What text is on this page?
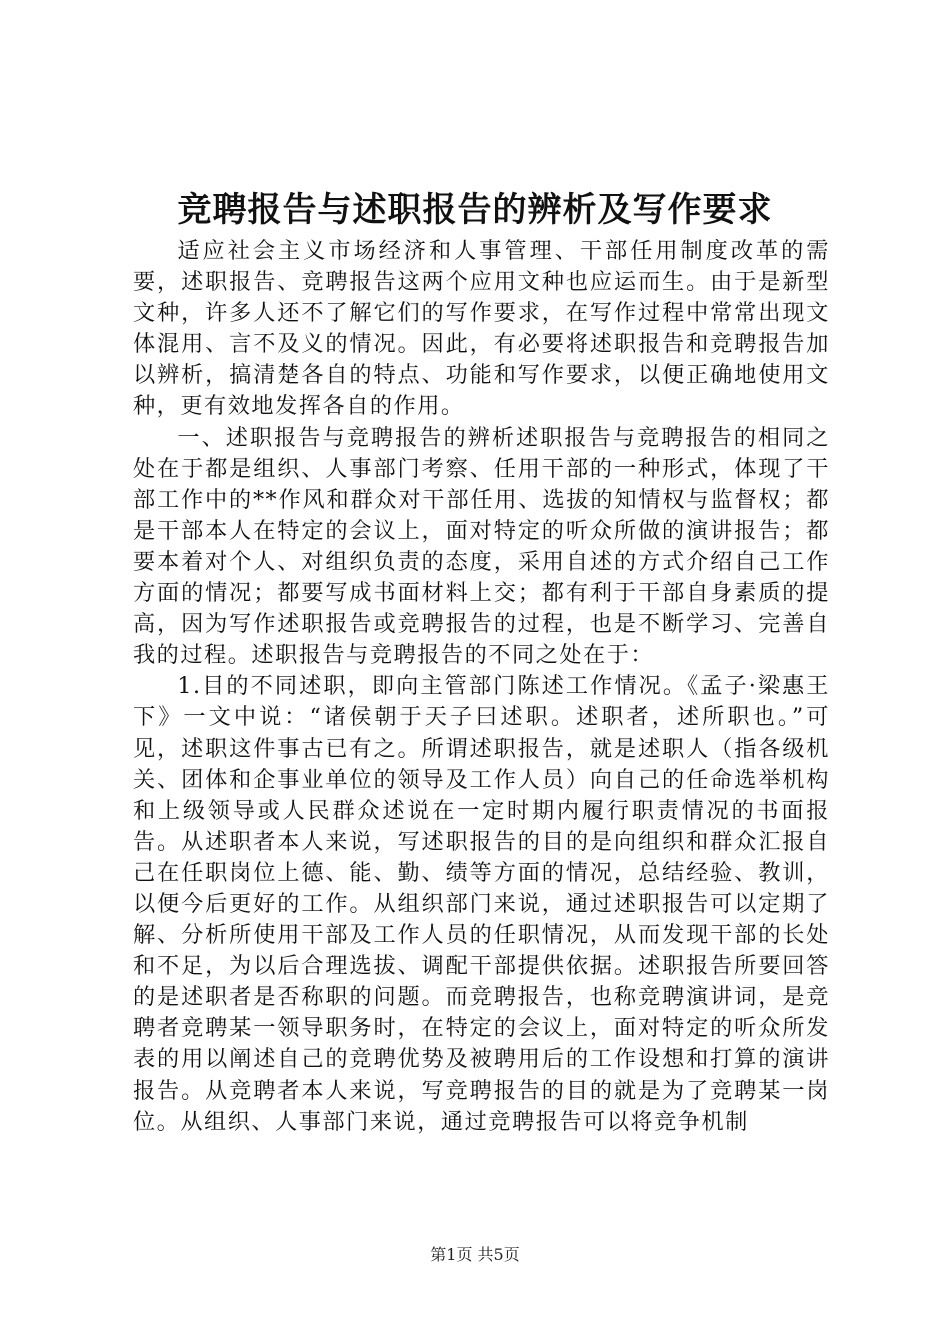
竞聘报告与述职报告的辨析及写作要求

适应社会主义市场经济和人事管理、干部任用制度改革的需要，述职报告、竞聘报告这两个应用文种也应运而生。由于是新型文种，许多人还不了解它们的写作要求，在写作过程中常常出现文体混用、言不及义的情况。因此，有必要将述职报告和竞聘报告加以辨析，搞清楚各自的特点、功能和写作要求，以便正确地使用文种，更有效地发挥各自的作用。

一、述职报告与竞聘报告的辨析述职报告与竞聘报告的相同之处在于都是组织、人事部门考察、任用干部的一种形式，体现了干部工作中的**作风和群众对干部任用、选拔的知情权与监督权；都是干部本人在特定的会议上，面对特定的听众所做的演讲报告；都要本着对个人、对组织负责的态度，采用自述的方式介绍自己工作方面的情况；都要写成书面材料上交；都有利于干部自身素质的提高，因为写作述职报告或竞聘报告的过程，也是不断学习、完善自我的过程。述职报告与竞聘报告的不同之处在于：

1.目的不同述职，即向主管部门陈述工作情况。《孟子·梁惠王下》一文中说：“诸侯朝于天子曰述职。述职者，述所职也。”可见，述职这件事古已有之。所谓述职报告，就是述职人（指各级机关、团体和企事业单位的领导及工作人员）向自己的任命选举机构和上级领导或人民群众述说在一定时期内履行职责情况的书面报告。从述职者本人来说，写述职报告的目的是向组织和群众汇报自己在任职岗位上德、能、勤、绩等方面的情况，总结经验、教训，以便今后更好的工作。从组织部门来说，通过述职报告可以定期了解、分析所使用干部及工作人员的任职情况，从而发现干部的长处和不足，为以后合理选拔、调配干部提供依据。述职报告所要回答的是述职者是否称职的问题。而竞聘报告，也称竞聘演讲词，是竞聘者竞聘某一领导职务时，在特定的会议上，面对特定的听众所发表的用以阐述自己的竞聘优势及被聘用后的工作设想和打算的演讲报告。从竞聘者本人来说，写竞聘报告的目的就是为了竞聘某一岗位。从组织、人事部门来说，通过竞聘报告可以将竞争机制

第1页 共5页
